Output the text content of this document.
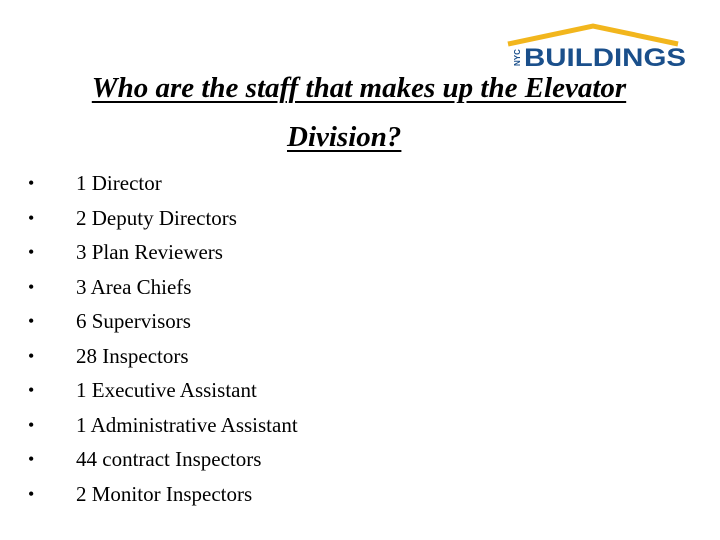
NYC BUILDINGS
Who are the staff that makes up the Elevator
Division?
•	1 Director
•	2 Deputy Directors
•	3 Plan Reviewers
•	3 Area Chiefs
•	6 Supervisors
•	28 Inspectors
•	1 Executive Assistant
•	1 Administrative Assistant
•	44 contract Inspectors
•	2 Monitor Inspectors
